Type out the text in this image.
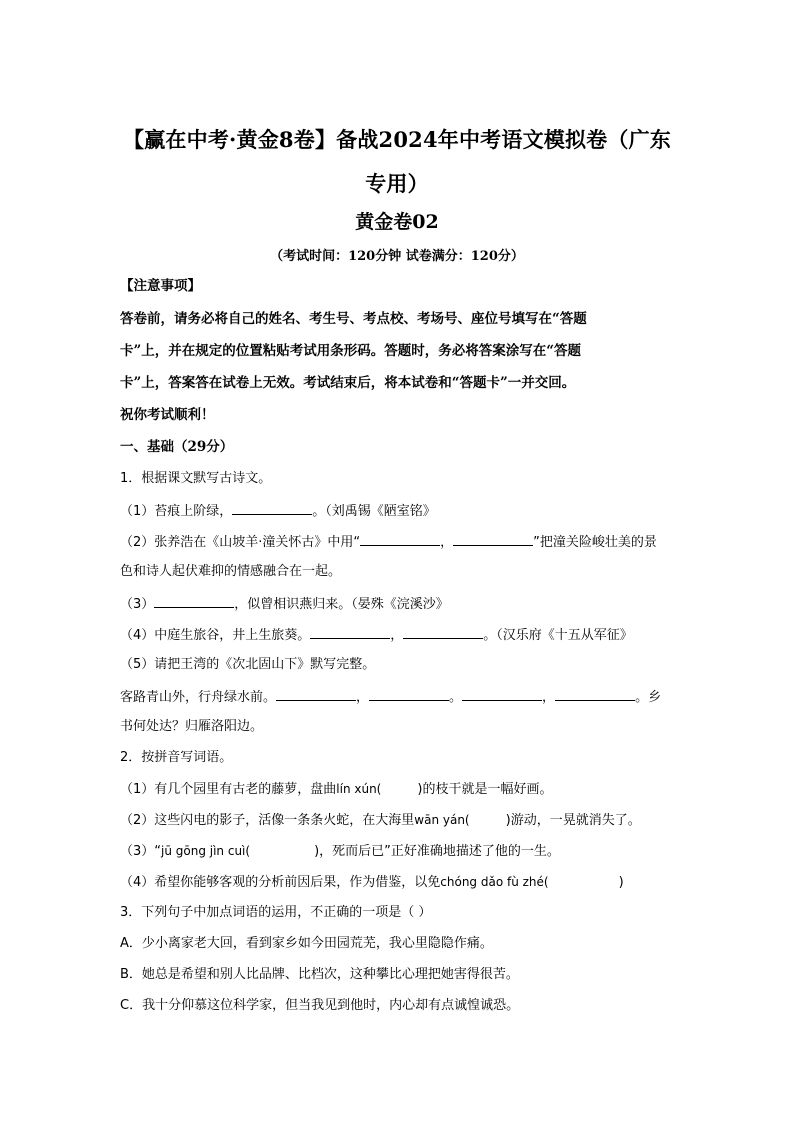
【赢在中考·黄金8卷】备战2024年中考语文模拟卷（广东专用）
黄金卷02
（考试时间：120分钟 试卷满分：120分）
【注意事项】
答卷前，请务必将自己的姓名、考生号、考点校、考场号、座位号填写在“答题
卡”上，并在规定的位置粘贴考试用条形码。答题时，务必将答案涂写在“答题
卡”上，答案答在试卷上无效。考试结束后，将本试卷和“答题卡”一并交回。
祝你考试顺利！
一、基础（29分）
1．根据课文默写古诗文。
（1）苔痕上阶绿，	。（刘禹锡《陋室铭》
（2）张养浩在《山坡羊·潼关怀古》中用“	，	”把潼关险峻壮美的景
色和诗人起伏难抑的情感融合在一起。
（3）	，似曾相识燕归来。（晏殊《浣溪沙》
（4）中庭生旅谷，井上生旅葵。	，	。（汉乐府《十五从军征》
（5）请把王湾的《次北固山下》默写完整。
客路青山外，行舟绿水前。	，	。	，	。乡
书何处达？归雁洛阳边。
2．按拼音写词语。
（1）有几个园里有古老的藤萝，盘曲lín xún(	)的枝干就是一幅好画。
（2）这些闪电的影子，活像一条条火蛇，在大海里wān yán(	)游动，一晃就消失了。
（3）“jū gōng jìn cuì(	)，死而后已”正好准确地描述了他的一生。
（4）希望你能够客观的分析前因后果，作为借鉴，以免chóng dǎo fù zhé(	)
3．下列句子中加点词语的运用，不正确的一项是（ ）
A．少小离家老大回，看到家乡如今田园荒芜，我心里隐隐作痛。
B．她总是希望和别人比品牌、比档次，这种攀比心理把她害得很苦。
C．我十分仰慕这位科学家，但当我见到他时，内心却有点诚惶诚恐。
